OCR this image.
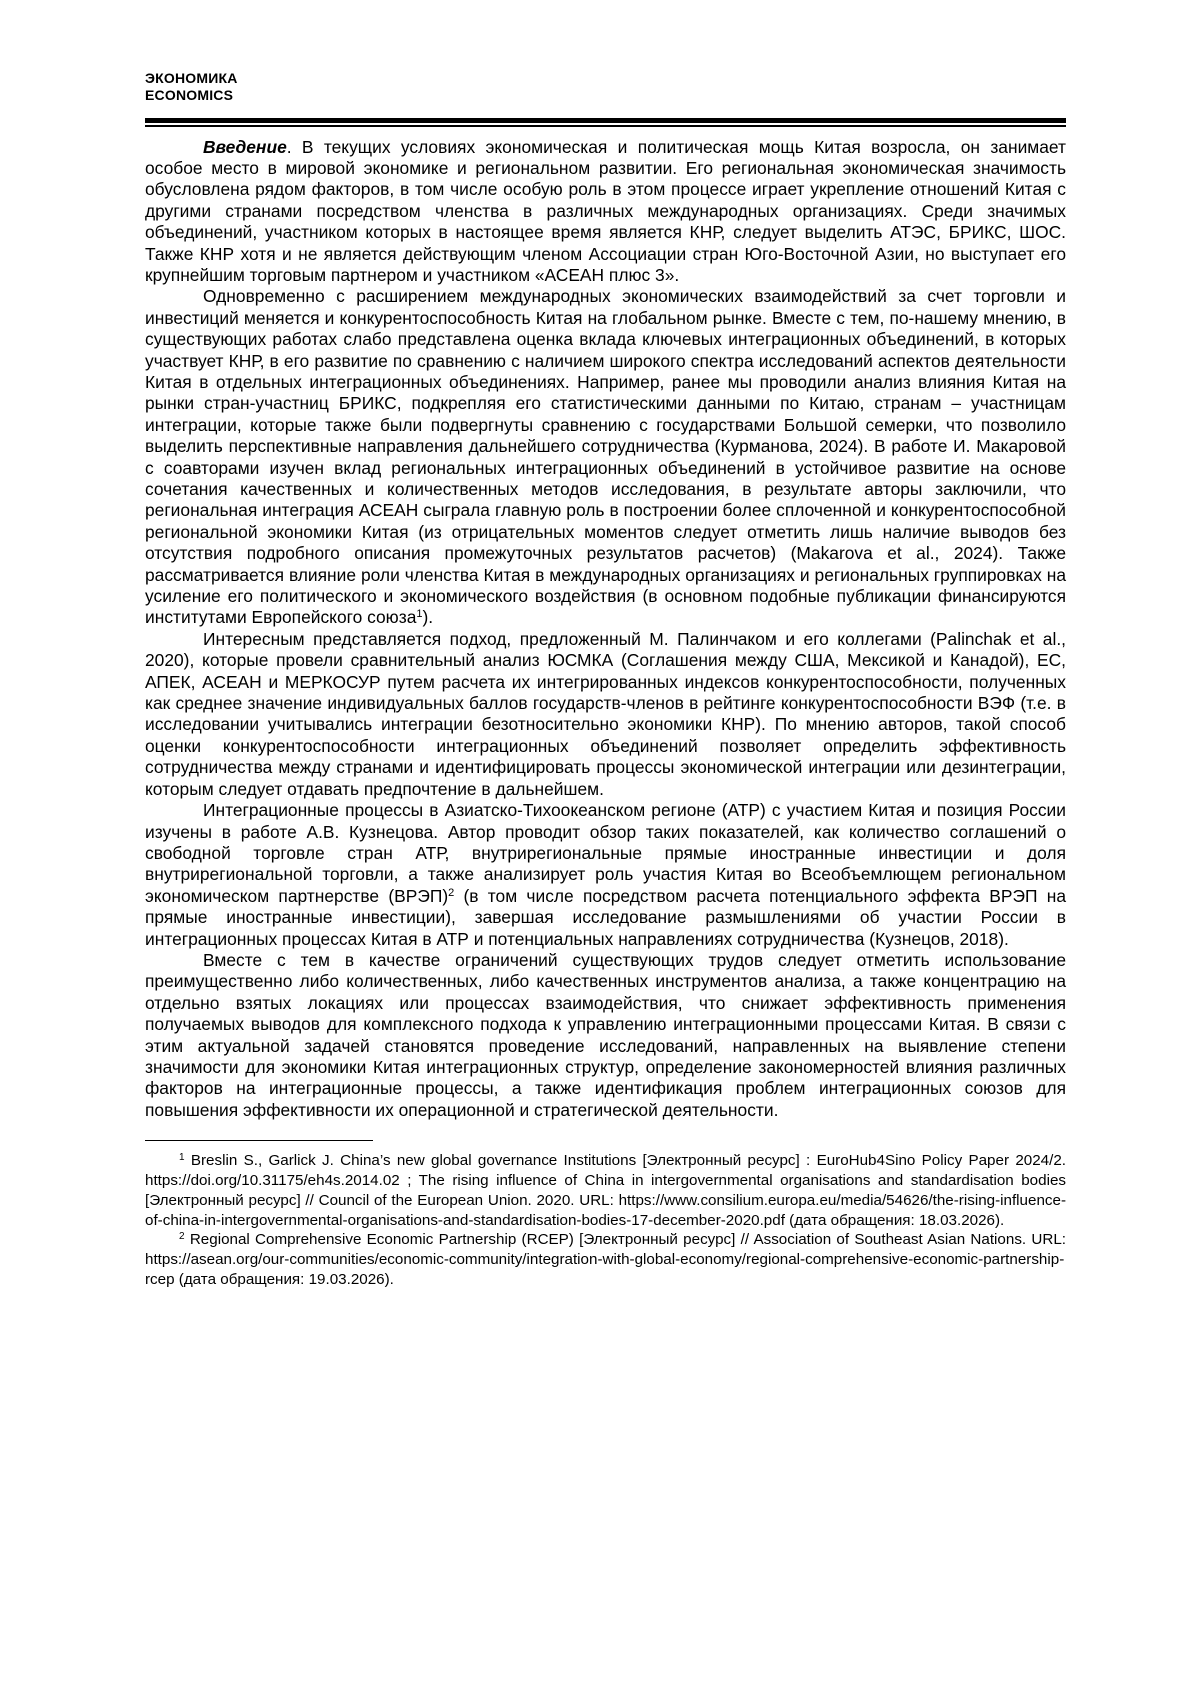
ЭКОНОМИКА
ECONOMICS

Введение. В текущих условиях экономическая и политическая мощь Китая возросла, он занимает особое место в мировой экономике и региональном развитии. Его региональная экономическая значимость обусловлена рядом факторов, в том числе особую роль в этом процессе играет укрепление отношений Китая с другими странами посредством членства в различных международных организациях. Среди значимых объединений, участником которых в настоящее время является КНР, следует выделить АТЭС, БРИКС, ШОС. Также КНР хотя и не является действующим членом Ассоциации стран Юго-Восточной Азии, но выступает его крупнейшим торговым партнером и участником «АСЕАН плюс 3».

Одновременно с расширением международных экономических взаимодействий за счет торговли и инвестиций меняется и конкурентоспособность Китая на глобальном рынке. Вместе с тем, по-нашему мнению, в существующих работах слабо представлена оценка вклада ключевых интеграционных объединений, в которых участвует КНР, в его развитие по сравнению с наличием широкого спектра исследований аспектов деятельности Китая в отдельных интеграционных объединениях. Например, ранее мы проводили анализ влияния Китая на рынки стран-участниц БРИКС, подкрепляя его статистическими данными по Китаю, странам – участницам интеграции, которые также были подвергнуты сравнению с государствами Большой семерки, что позволило выделить перспективные направления дальнейшего сотрудничества (Курманова, 2024). В работе И. Макаровой с соавторами изучен вклад региональных интеграционных объединений в устойчивое развитие на основе сочетания качественных и количественных методов исследования, в результате авторы заключили, что региональная интеграция АСЕАН сыграла главную роль в построении более сплоченной и конкурентоспособной региональной экономики Китая (из отрицательных моментов следует отметить лишь наличие выводов без отсутствия подробного описания промежуточных результатов расчетов) (Makarova et al., 2024). Также рассматривается влияние роли членства Китая в международных организациях и региональных группировках на усиление его политического и экономического воздействия (в основном подобные публикации финансируются институтами Европейского союза$^1$).

Интересным представляется подход, предложенный М. Палинчаком и его коллегами (Palinchak et al., 2020), которые провели сравнительный анализ ЮСМКА (Соглашения между США, Мексикой и Канадой), ЕС, АПЕК, АСЕАН и МЕРКОСУР путем расчета их интегрированных индексов конкурентоспособности, полученных как среднее значение индивидуальных баллов государств-членов в рейтинге конкурентоспособности ВЭФ (т.е. в исследовании учитывались интеграции безотносительно экономики КНР). По мнению авторов, такой способ оценки конкурентоспособности интеграционных объединений позволяет определить эффективность сотрудничества между странами и идентифицировать процессы экономической интеграции или дезинтеграции, которым следует отдавать предпочтение в дальнейшем.

Интеграционные процессы в Азиатско-Тихоокеанском регионе (АТР) с участием Китая и позиция России изучены в работе А.В. Кузнецова. Автор проводит обзор таких показателей, как количество соглашений о свободной торговле стран АТР, внутрирегиональные прямые иностранные инвестиции и доля внутрирегиональной торговли, а также анализирует роль участия Китая во Всеобъемлющем региональном экономическом партнерстве (ВРЭП)$^2$ (в том числе посредством расчета потенциального эффекта ВРЭП на прямые иностранные инвестиции), завершая исследование размышлениями об участии России в интеграционных процессах Китая в АТР и потенциальных направлениях сотрудничества (Кузнецов, 2018).

Вместе с тем в качестве ограничений существующих трудов следует отметить использование преимущественно либо количественных, либо качественных инструментов анализа, а также концентрацию на отдельно взятых локациях или процессах взаимодействия, что снижает эффективность применения получаемых выводов для комплексного подхода к управлению интеграционными процессами Китая. В связи с этим актуальной задачей становятся проведение исследований, направленных на выявление степени значимости для экономики Китая интеграционных структур, определение закономерностей влияния различных факторов на интеграционные процессы, а также идентификация проблем интеграционных союзов для повышения эффективности их операционной и стратегической деятельности.

$^1$ Breslin S., Garlick J. China’s new global governance Institutions [Электронный ресурс] : EuroHub4Sino Policy Paper 2024/2. https://doi.org/10.31175/eh4s.2014.02 ; The rising influence of China in intergovernmental organisations and standardisation bodies [Электронный ресурс] // Council of the European Union. 2020. URL: https://www.consilium.europa.eu/media/54626/the-rising-influence-of-china-in-intergovernmental-organisations-and-standardisation-bodies-17-december-2020.pdf (дата обращения: 18.03.2026).

$^2$ Regional Comprehensive Economic Partnership (RCEP) [Электронный ресурс] // Association of Southeast Asian Nations. URL: https://asean.org/our-communities/economic-community/integration-with-global-economy/regional-comprehensive-economic-partnership-rcep (дата обращения: 19.03.2026).
